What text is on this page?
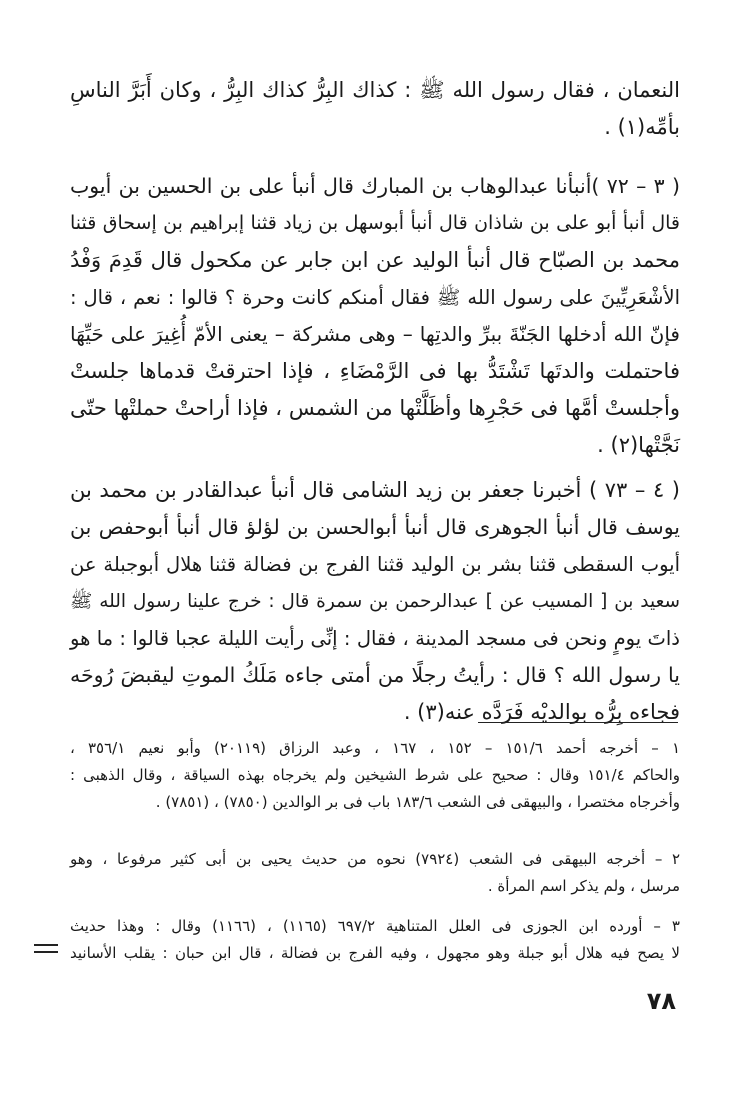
النعمان ، فقال رسول الله ﷺ : كذاك البِرُّ كذاك البِرُّ ، وكان أَبَرَّ الناسِ
بأمِّه(١) .
( ٣ – ٧٢ )أنبأنا عبدالوهاب بن المبارك قال أنبأ على بن الحسين بن أيوب
قال أنبأ أبو على بن شاذان قال أنبأ أبوسهل بن زياد قثنا إبراهيم بن إسحاق قثنا
محمد بن الصبّاح قال أنبأ الوليد عن ابن جابر عن مكحول قال قَدِمَ وَفْدُ
الأشْعَرِيِّينَ على رسول الله ﷺ فقال أمنكم كانت وحرة ؟ قالوا : نعم ، قال :
فإنّ الله أدخلها الجَنّةَ ببرِّ والدتِها – وهى مشركة – يعنى الأمّ أُغِيرَ على حَيِّهَا
فاحتملت والدتَها تَشْتَدُّ بها فى الرَّمْضَاءِ ، فإذا احترقتْ قدماها جلستْ
وأجلستْ أمَّها فى حَجْرِها وأظَلَّتْها من الشمس ، فإذا أراحتْ حملتْها حتّى
نَجَّتْها(٢) .
( ٤ – ٧٣ ) أخبرنا جعفر بن زيد الشامى قال أنبأ عبدالقادر بن محمد بن
يوسف قال أنبأ الجوهرى قال أنبأ أبوالحسن بن لؤلؤ قال أنبأ أبوحفص بن
أيوب السقطى قثنا بشر بن الوليد قثنا الفرج بن فضالة قثنا هلال أبوجبلة عن
سعيد بن [ المسيب عن ] عبدالرحمن بن سمرة قال : خرج علينا رسول الله ﷺ
ذاتَ يومٍ ونحن فى مسجد المدينة ، فقال : إنِّى رأيت الليلة عجبا قالوا : ما هو
يا رسول الله ؟ قال : رأيتُ رجلًا من أمتى جاءه مَلَكُ الموتِ ليقبضَ رُوحَه
فجاءه بِرُّه بوالديْه فَرَدَّه عنه(٣) .
١ – أخرجه أحمد ١٥١/٦ – ١٥٢ ، ١٦٧ ، وعبد الرزاق (٢٠١١٩) وأبو نعيم ٣٥٦/١ ،
والحاكم ١٥١/٤ وقال : صحيح على شرط الشيخين ولم يخرجاه بهذه السياقة ، وقال الذهبى :
وأخرجاه مختصرا ، والبيهقى فى الشعب ١٨٣/٦ باب فى بر الوالدين (٧٨٥٠) ، (٧٨٥١) .
٢ – أخرجه البيهقى فى الشعب (٧٩٢٤) نحوه من حديث يحيى بن أبى كثير مرفوعا ، وهو
مرسل ، ولم يذكر اسم المرأة .
٣ – أورده ابن الجوزى فى العلل المتناهية ٦٩٧/٢ (١١٦٥) ، (١١٦٦) وقال : وهذا حديث
لا يصح فيه هلال أبو جبلة وهو مجهول ، وفيه الفرج بن فضالة ، قال ابن حبان : يقلب الأسانيد
٧٨
